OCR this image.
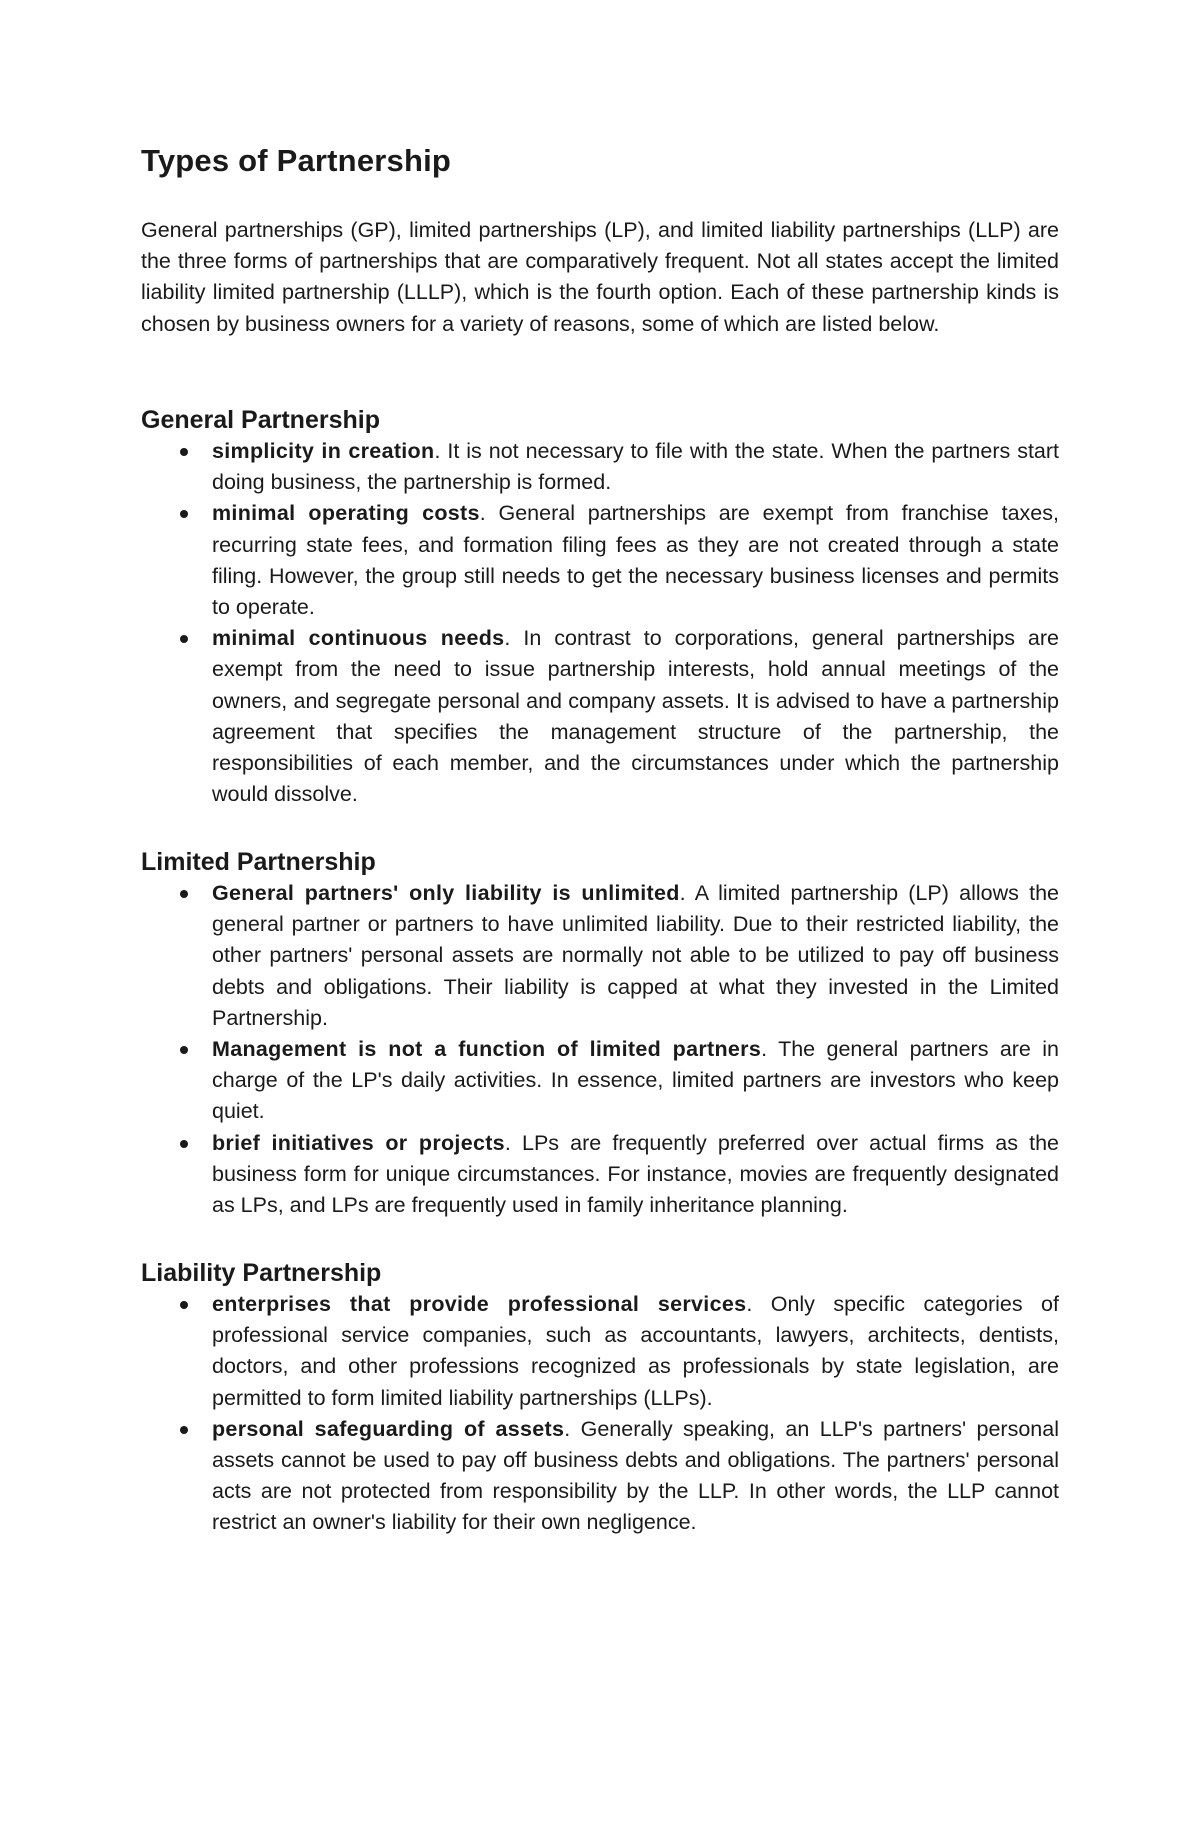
Types of Partnership

General partnerships (GP), limited partnerships (LP), and limited liability partnerships (LLP) are the three forms of partnerships that are comparatively frequent. Not all states accept the limited liability limited partnership (LLLP), which is the fourth option. Each of these partnership kinds is chosen by business owners for a variety of reasons, some of which are listed below.

General Partnership
simplicity in creation. It is not necessary to file with the state. When the partners start doing business, the partnership is formed.
minimal operating costs. General partnerships are exempt from franchise taxes, recurring state fees, and formation filing fees as they are not created through a state filing. However, the group still needs to get the necessary business licenses and permits to operate.
minimal continuous needs. In contrast to corporations, general partnerships are exempt from the need to issue partnership interests, hold annual meetings of the owners, and segregate personal and company assets. It is advised to have a partnership agreement that specifies the management structure of the partnership, the responsibilities of each member, and the circumstances under which the partnership would dissolve.
Limited Partnership
General partners' only liability is unlimited. A limited partnership (LP) allows the general partner or partners to have unlimited liability. Due to their restricted liability, the other partners' personal assets are normally not able to be utilized to pay off business debts and obligations. Their liability is capped at what they invested in the Limited Partnership.
Management is not a function of limited partners. The general partners are in charge of the LP's daily activities. In essence, limited partners are investors who keep quiet.
brief initiatives or projects. LPs are frequently preferred over actual firms as the business form for unique circumstances. For instance, movies are frequently designated as LPs, and LPs are frequently used in family inheritance planning.
Liability Partnership
enterprises that provide professional services. Only specific categories of professional service companies, such as accountants, lawyers, architects, dentists, doctors, and other professions recognized as professionals by state legislation, are permitted to form limited liability partnerships (LLPs).
personal safeguarding of assets. Generally speaking, an LLP's partners' personal assets cannot be used to pay off business debts and obligations. The partners' personal acts are not protected from responsibility by the LLP. In other words, the LLP cannot restrict an owner's liability for their own negligence.
